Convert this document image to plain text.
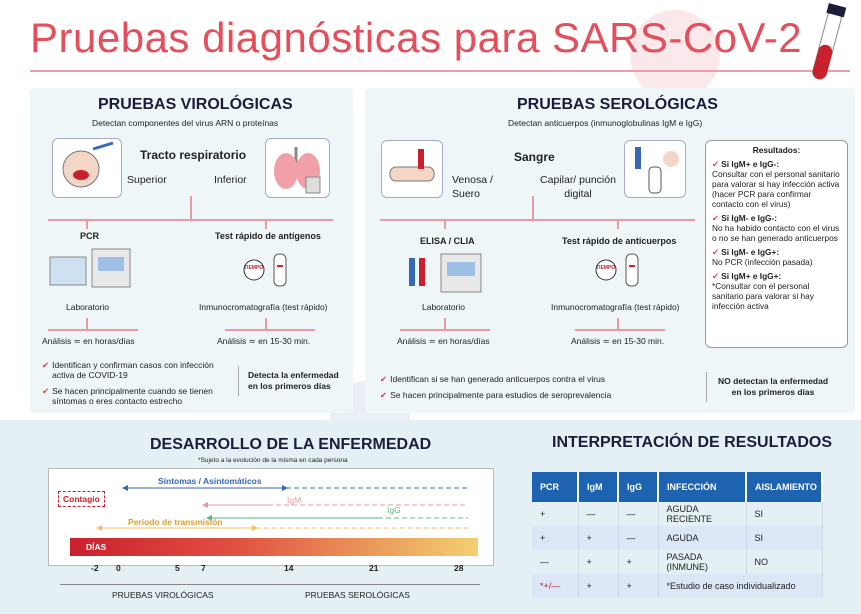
Pruebas diagnósticas para SARS-CoV-2
PRUEBAS VIROLÓGICAS
Detectan componentes del virus ARN o proteínas
Tracto respiratorio
Superior	Inferior
PCR	Test rápido de antígenos
TIEMPO
Laboratorio	Inmunocromatografía (test rápido)
Análisis ≃ en horas/días	Análisis ≃ en 15-30 min.
✔ Identifican y confirman casos con infección activa de COVID-19
✔ Se hacen principalmente cuando se tienen síntomas o eres contacto estrecho
Detecta la enfermedad en los primeros días
PRUEBAS SEROLÓGICAS
Detectan anticuerpos (inmunoglobulinas IgM e IgG)
Sangre
Venosa / Suero
Capilar/ punción digital
ELISA / CLIA	Test rápido de anticuerpos
TIEMPO
Laboratorio	Inmunocromatografía (test rápido)
Análisis ≃ en horas/días	Análisis ≃ en 15-30 min.
✔ Identifican si se han generado anticuerpos contra el virus
✔ Se hacen principalmente para estudios de seroprevalencia
NO detectan la enfermedad en los primeros días
Resultados:
✔ Si IgM+ e IgG-:
Consultar con el personal sanitario para valorar si hay infección activa (hacer PCR para confirmar contacto con el virus)
✔ Si IgM- e IgG-:
No ha habido contacto con el virus o no se han generado anticuerpos
✔ Si IgM- e IgG+:
No PCR (infección pasada)
✔ Si IgM+ e IgG+:
*Consultar con el personal sanitario para valorar si hay infección activa
DESARROLLO DE LA ENFERMEDAD
*Sujeto a la evolución de la misma en cada persona
Síntomas / Asintomáticos
Contagio	IgM
IgG
Período de transmisión
DÍAS
-2 0	5	7	14	21	28
PRUEBAS VIROLÓGICAS	PRUEBAS SEROLÓGICAS
INTERPRETACIÓN DE RESULTADOS
PCR	IgM	IgG	INFECCIÓN	AISLAMIENTO
+	—	—	AGUDA RECIENTE	SI
+	+	—	AGUDA	SI
—	+	+	PASADA (INMUNE)	NO
*+/—	+	+	*Estudio de caso individualizado	
